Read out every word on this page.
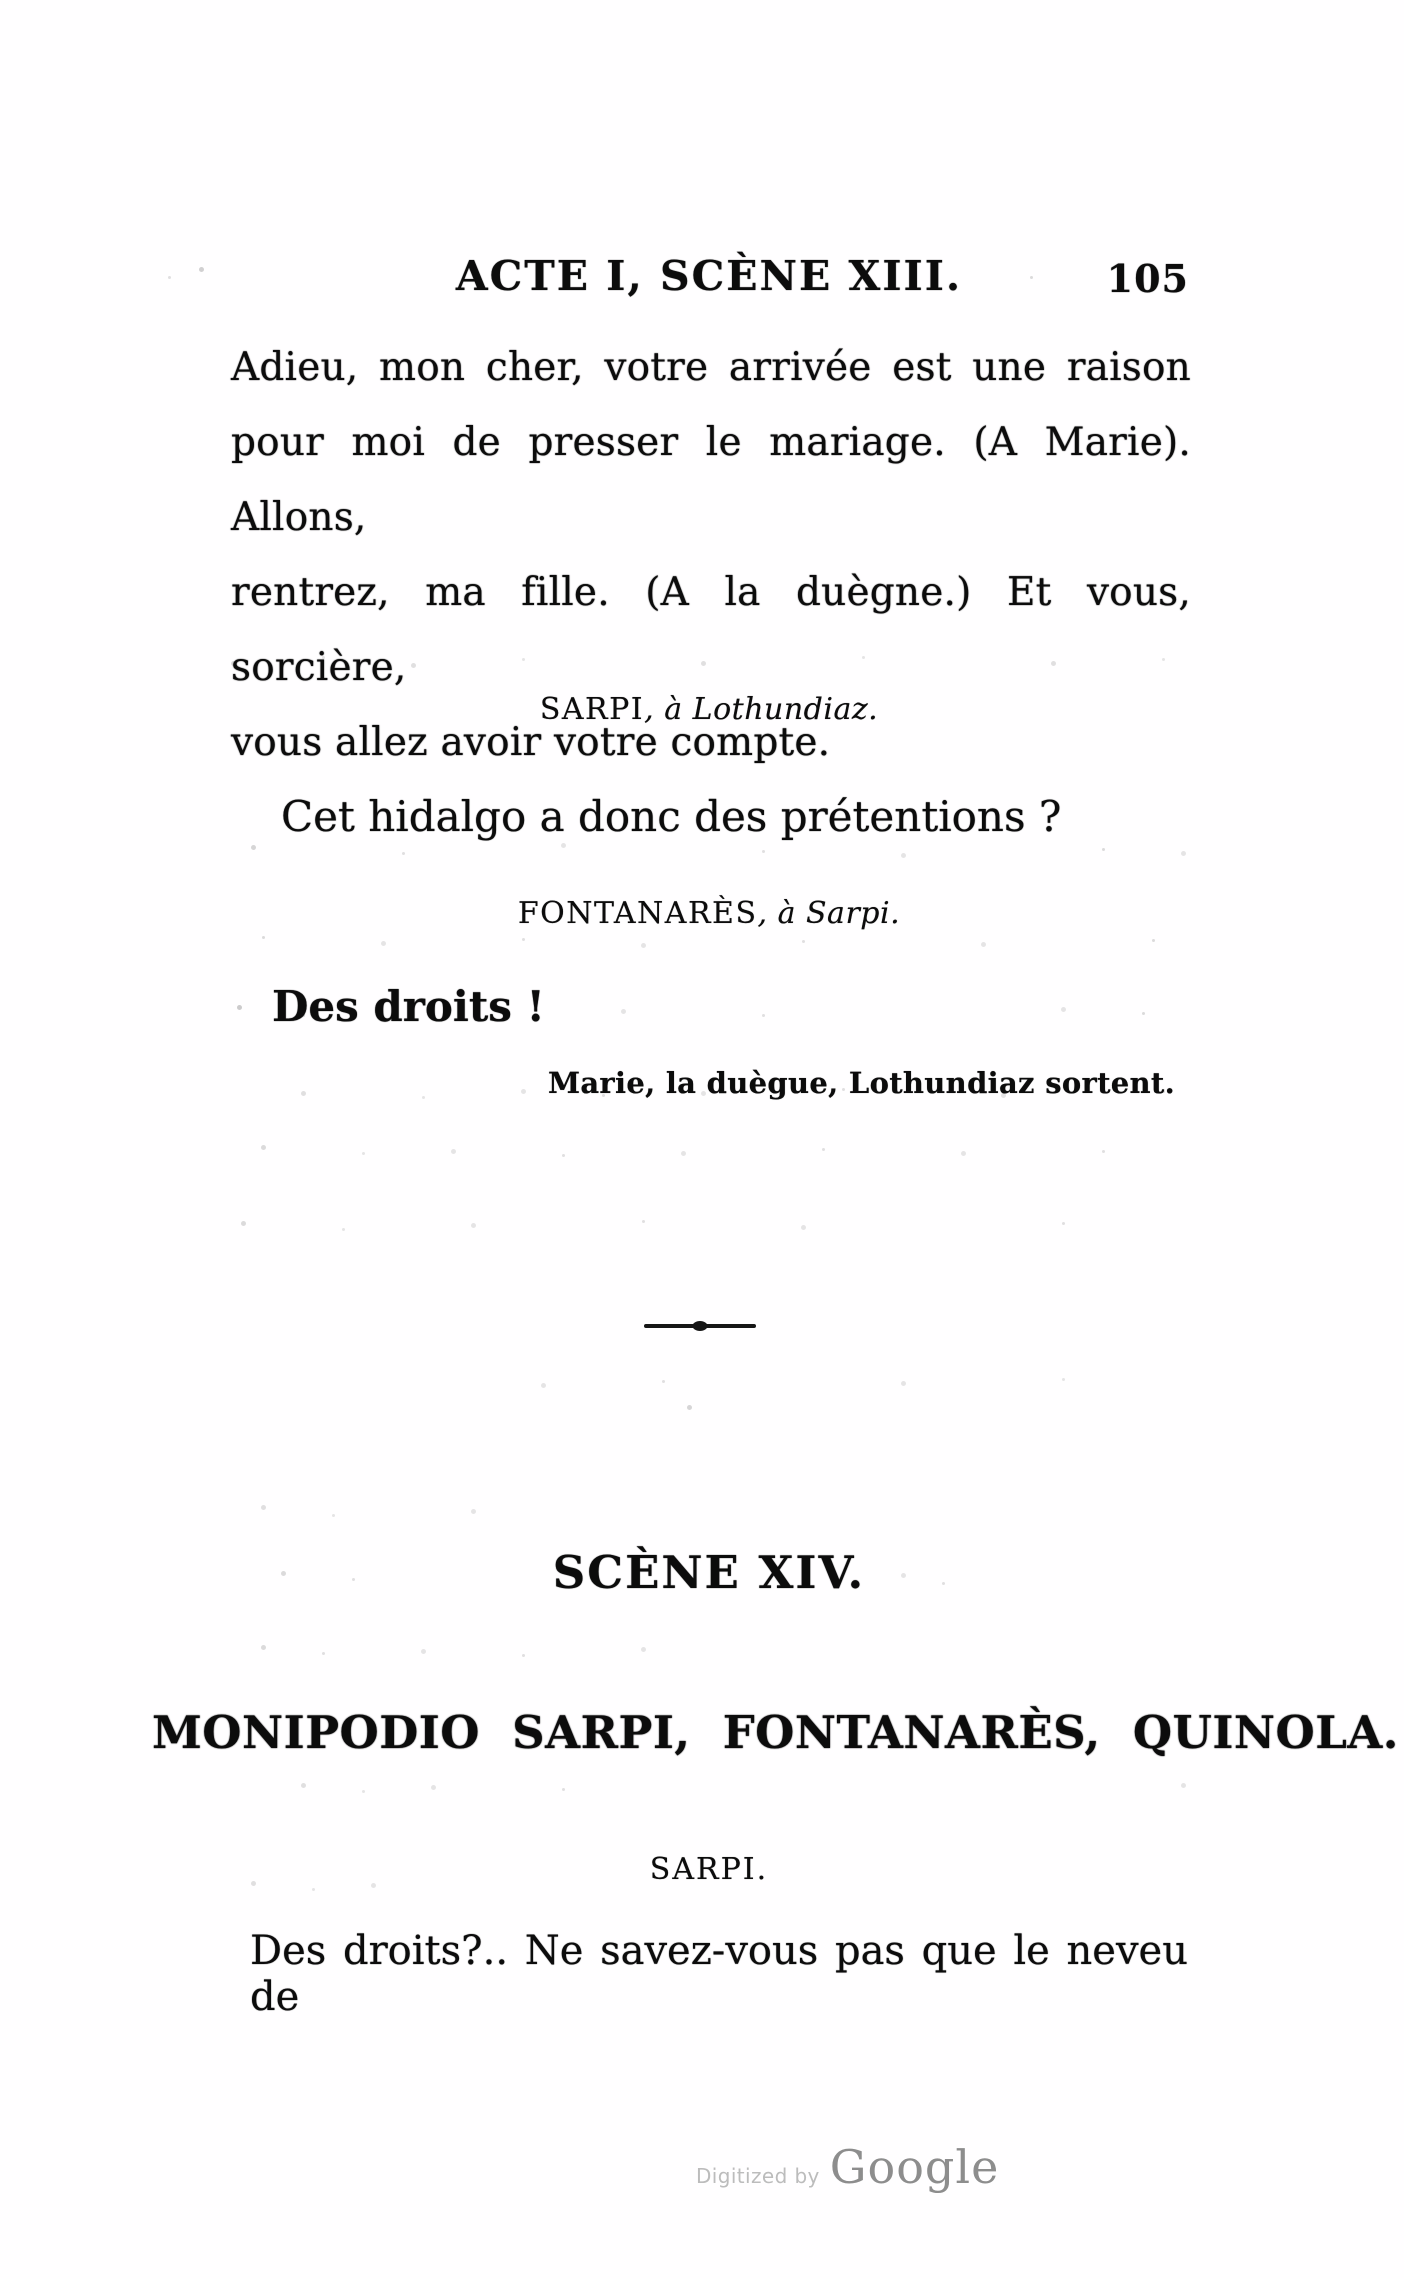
ACTE I, SCÈNE XIII.	105
Adieu, mon cher, votre arrivée est une raison
pour moi de presser le mariage. (A Marie). Allons,
rentrez, ma fille. (A la duègne.) Et vous, sorcière,
vous allez avoir votre compte.
SARPI, à Lothundiaz.
Cet hidalgo a donc des prétentions ?
FONTANARÈS, à Sarpi.
Des droits !
Marie, la duègue, Lothundiaz sortent.
SCÈNE XIV.
MONIPODIO SARPI, FONTANARÈS, QUINOLA.
SARPI.
Des droits?.. Ne savez-vous pas que le neveu de
Digitized by Google
